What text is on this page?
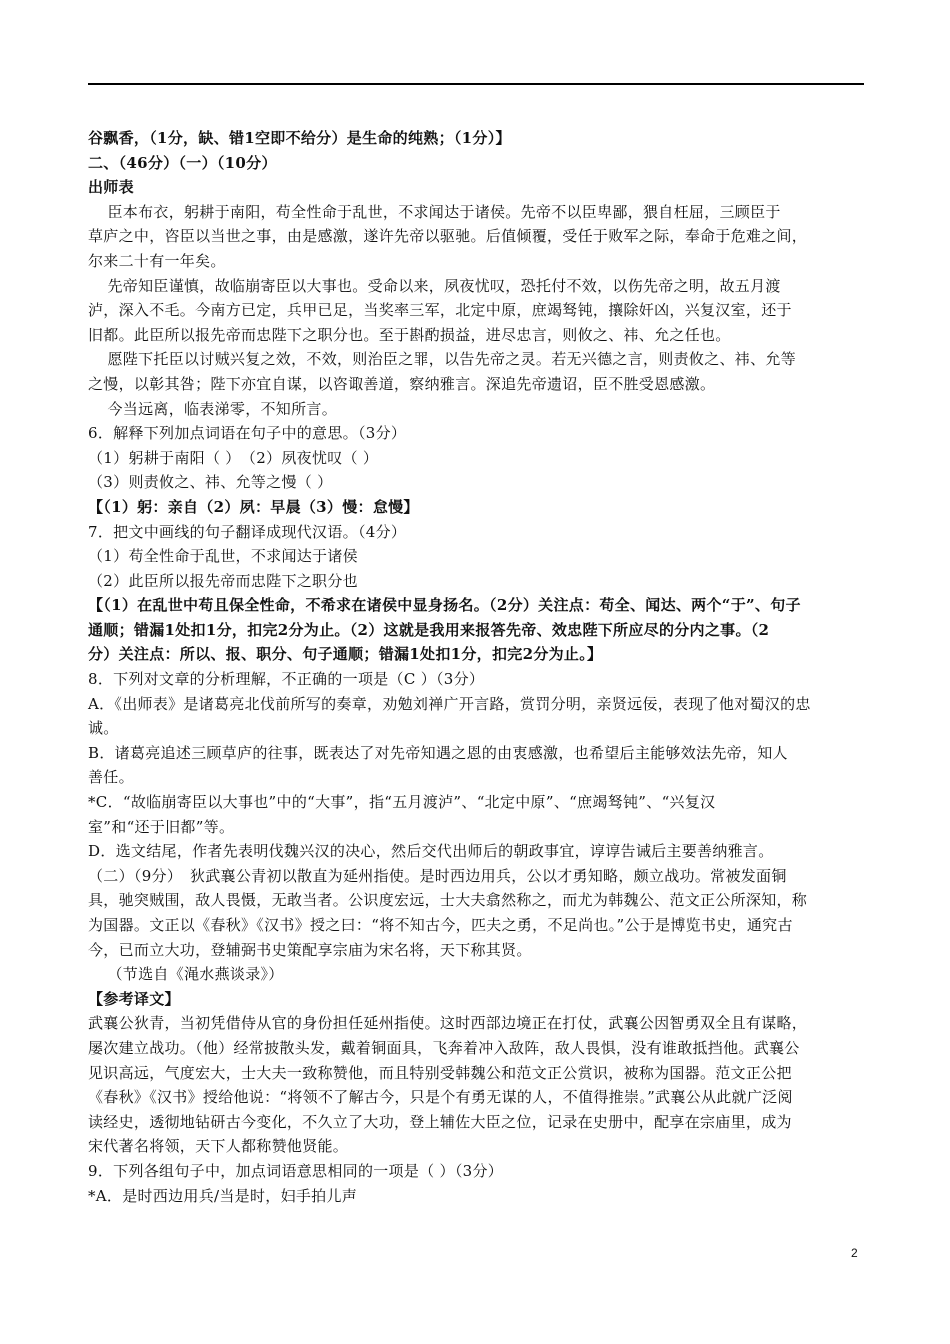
谷飘香，（1分，缺、错1空即不给分）是生命的纯熟；（1分）】

二、（46分）（一）（10分）

出师表

臣本布衣，躬耕于南阳，苟全性命于乱世，不求闻达于诸侯。先帝不以臣卑鄙，猥自枉屈，三顾臣于

草庐之中，咨臣以当世之事，由是感激，遂许先帝以驱驰。后值倾覆，受任于败军之际，奉命于危难之间，

尔来二十有一年矣。

先帝知臣谨慎，故临崩寄臣以大事也。受命以来，夙夜忧叹，恐托付不效，以伤先帝之明，故五月渡

泸，深入不毛。今南方已定，兵甲已足，当奖率三军，北定中原，庶竭驽钝，攘除奸凶，兴复汉室，还于

旧都。此臣所以报先帝而忠陛下之职分也。至于斟酌损益，进尽忠言，则攸之、祎、允之任也。

愿陛下托臣以讨贼兴复之效，不效，则治臣之罪，以告先帝之灵。若无兴德之言，则责攸之、祎、允等

之慢，以彰其咎；陛下亦宜自谋，以咨诹善道，察纳雅言。深追先帝遗诏，臣不胜受恩感激。

今当远离，临表涕零，不知所言。

6．解释下列加点词语在句子中的意思。（3分）

（1）躬耕于南阳（ ）　（2）夙夜忧叹（ ）

（3）则责攸之、祎、允等之慢（ ）

【（1）躬：亲自（2）夙：早晨（3）慢：怠慢】

7．把文中画线的句子翻译成现代汉语。（4分）

（1）苟全性命于乱世，不求闻达于诸侯

（2）此臣所以报先帝而忠陛下之职分也

【（1）在乱世中苟且保全性命，不希求在诸侯中显身扬名。（2分）关注点：苟全、闻达、两个“于”、句子

通顺；错漏1处扣1分，扣完2分为止。（2）这就是我用来报答先帝、效忠陛下所应尽的分内之事。（2

分）关注点：所以、报、职分、句子通顺；错漏1处扣1分，扣完2分为止。】

8．下列对文章的分析理解，不正确的一项是（C ）（3分）

A．《出师表》是诸葛亮北伐前所写的奏章，劝勉刘禅广开言路，赏罚分明，亲贤远佞，表现了他对蜀汉的忠

诚。

B．诸葛亮追述三顾草庐的往事，既表达了对先帝知遇之恩的由衷感激，也希望后主能够效法先帝，知人

善任。

*C．“故临崩寄臣以大事也”中的“大事”，指“五月渡泸”、“北定中原”、“庶竭驽钝”、“兴复汉

室”和“还于旧都”等。

D．选文结尾，作者先表明伐魏兴汉的决心，然后交代出师后的朝政事宜，谆谆告诫后主要善纳雅言。

（二）（9分）　狄武襄公青初以散直为延州指使。是时西边用兵，公以才勇知略，颇立战功。常被发面铜

具，驰突贼围，敌人畏慑，无敢当者。公识度宏远，士大夫翕然称之，而尤为韩魏公、范文正公所深知，称

为国器。文正以《春秋》《汉书》授之曰：“将不知古今，匹夫之勇，不足尚也。”公于是博览书史，通究古

今，已而立大功，登辅弼书史策配享宗庙为宋名将，天下称其贤。

（节选自《渑水燕谈录》）

【参考译文】

武襄公狄青，当初凭借侍从官的身份担任延州指使。这时西部边境正在打仗，武襄公因智勇双全且有谋略，

屡次建立战功。（他）经常披散头发，戴着铜面具，飞奔着冲入敌阵，敌人畏惧，没有谁敢抵挡他。武襄公

见识高远，气度宏大，士大夫一致称赞他，而且特别受韩魏公和范文正公赏识，被称为国器。范文正公把

《春秋》《汉书》授给他说：“将领不了解古今，只是个有勇无谋的人，不值得推崇。”武襄公从此就广泛阅

读经史，透彻地钻研古今变化，不久立了大功，登上辅佐大臣之位，记录在史册中，配享在宗庙里，成为

宋代著名将领，天下人都称赞他贤能。

9．下列各组句子中，加点词语意思相同的一项是（ ）（3分）

*A．是时西边用兵/当是时，妇手拍儿声

2
